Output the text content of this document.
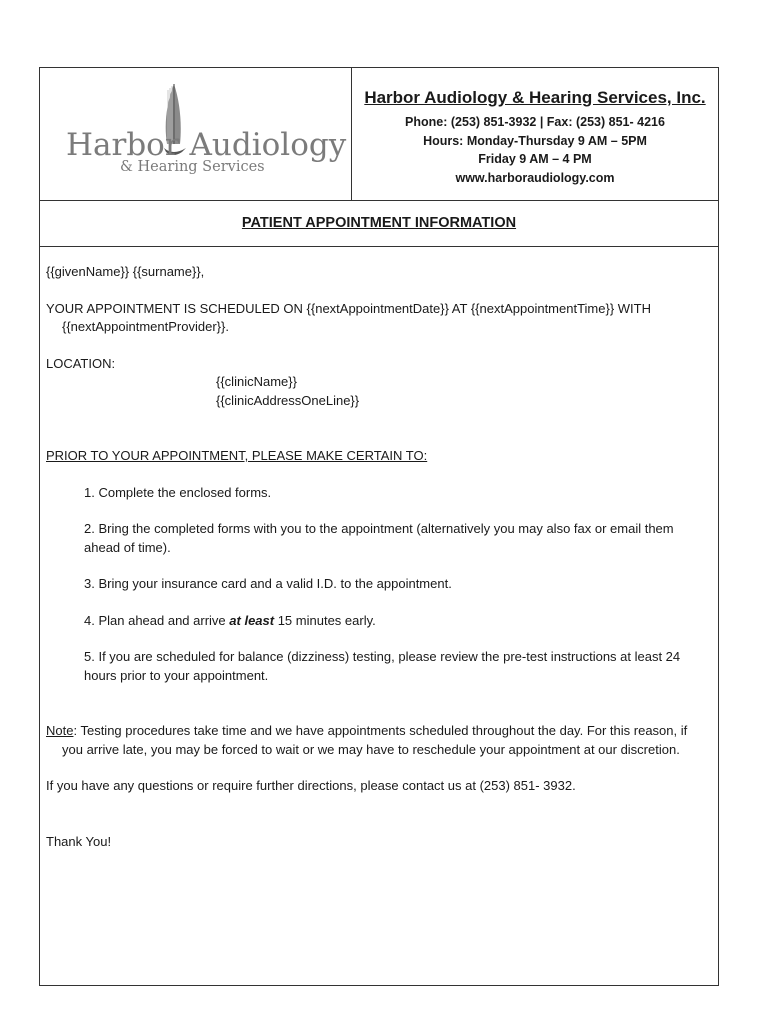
Harbor Audiology
& Hearing Services
Harbor Audiology & Hearing Services, Inc.
Phone: (253) 851-3932 | Fax: (253) 851- 4216
Hours: Monday-Thursday 9 AM – 5PM
Friday 9 AM – 4 PM
www.harboraudiology.com
PATIENT APPOINTMENT INFORMATION

{{givenName}} {{surname}},

YOUR APPOINTMENT IS SCHEDULED ON {{nextAppointmentDate}} AT {{nextAppointmentTime}} WITH {{nextAppointmentProvider}}.

LOCATION:

{{clinicName}}

{{clinicAddressOneLine}}

PRIOR TO YOUR APPOINTMENT, PLEASE MAKE CERTAIN TO:

1. Complete the enclosed forms.

2. Bring the completed forms with you to the appointment (alternatively you may also fax or email them ahead of time).

3. Bring your insurance card and a valid I.D. to the appointment.

4. Plan ahead and arrive at least 15 minutes early.

5. If you are scheduled for balance (dizziness) testing, please review the pre-test instructions at least 24 hours prior to your appointment.

Note: Testing procedures take time and we have appointments scheduled throughout the day. For this reason, if you arrive late, you may be forced to wait or we may have to reschedule your appointment at our discretion.

If you have any questions or require further directions, please contact us at (253) 851- 3932.

Thank You!
